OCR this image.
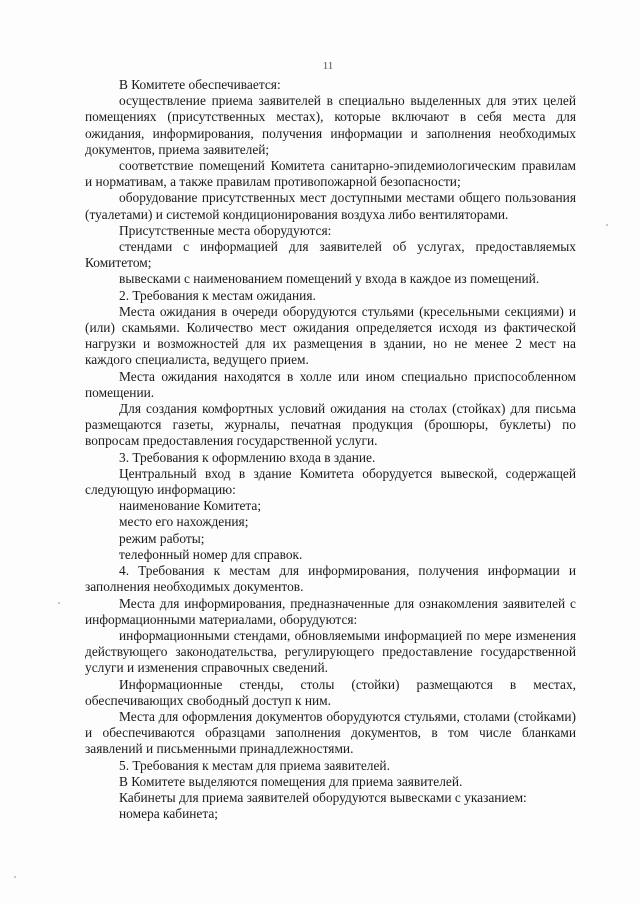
11

В Комитете обеспечивается:

осуществление приема заявителей в специально выделенных для этих целей помещениях (присутственных местах), которые включают в себя места для ожидания, информирования, получения информации и заполнения необходимых документов, приема заявителей;

соответствие помещений Комитета санитарно-эпидемиологическим правилам и нормативам, а также правилам противопожарной безопасности;

оборудование присутственных мест доступными местами общего пользования (туалетами) и системой кондиционирования воздуха либо вентиляторами.

Присутственные места оборудуются:

стендами с информацией для заявителей об услугах, предоставляемых Комитетом;

вывесками с наименованием помещений у входа в каждое из помещений.

2. Требования к местам ожидания.

Места ожидания в очереди оборудуются стульями (кресельными секциями) и (или) скамьями. Количество мест ожидания определяется исходя из фактической нагрузки и возможностей для их размещения в здании, но не менее 2 мест на каждого специалиста, ведущего прием.

Места ожидания находятся в холле или ином специально приспособленном помещении.

Для создания комфортных условий ожидания на столах (стойках) для письма размещаются газеты, журналы, печатная продукция (брошюры, буклеты) по вопросам предоставления государственной услуги.

3. Требования к оформлению входа в здание.

Центральный вход в здание Комитета оборудуется вывеской, содержащей следующую информацию:

наименование Комитета;

место его нахождения;

режим работы;

телефонный номер для справок.

4. Требования к местам для информирования, получения информации и заполнения необходимых документов.

Места для информирования, предназначенные для ознакомления заявителей с информационными материалами, оборудуются:

информационными стендами, обновляемыми информацией по мере изменения действующего законодательства, регулирующего предоставление государственной услуги и изменения справочных сведений.

Информационные стенды, столы (стойки) размещаются в местах, обеспечивающих свободный доступ к ним.

Места для оформления документов оборудуются стульями, столами (стойками) и обеспечиваются образцами заполнения документов, в том числе бланками заявлений и письменными принадлежностями.

5. Требования к местам для приема заявителей.

В Комитете выделяются помещения для приема заявителей.

Кабинеты для приема заявителей оборудуются вывесками с указанием:

номера кабинета;
